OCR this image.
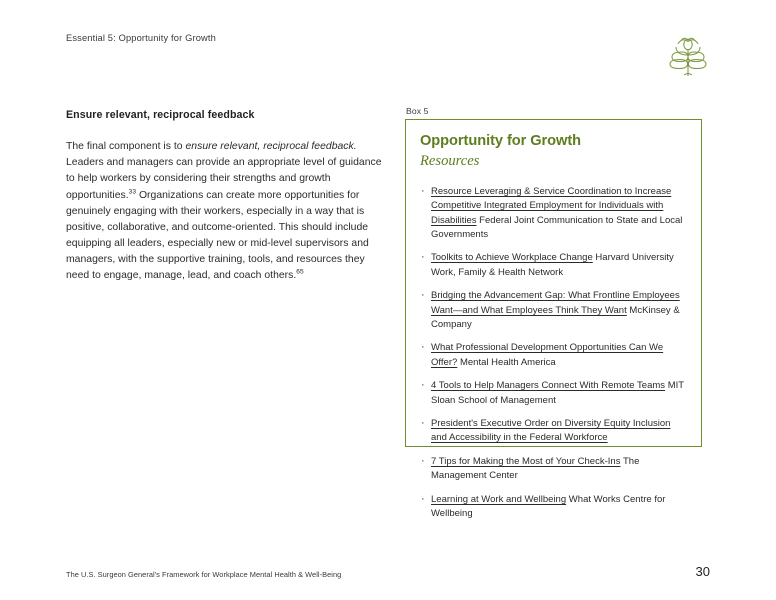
Essential 5: Opportunity for Growth
Ensure relevant, reciprocal feedback

The final component is to ensure relevant, reciprocal feedback. Leaders and managers can provide an appropriate level of guidance to help workers by considering their strengths and growth opportunities.$^{33}$ Organizations can create more opportunities for genuinely engaging with their workers, especially in a way that is positive, collaborative, and outcome-oriented. This should include equipping all leaders, especially new or mid-level supervisors and managers, with the supportive training, tools, and resources they need to engage, manage, lead, and coach others.$^{65}$

Box 5
Opportunity for Growth
Resources
· Resource Leveraging & Service Coordination to Increase Competitive Integrated Employment for Individuals with Disabilities Federal Joint Communication to State and Local Governments
· Toolkits to Achieve Workplace Change Harvard University Work, Family & Health Network
· Bridging the Advancement Gap: What Frontline Employees Want—and What Employees Think They Want McKinsey & Company
· What Professional Development Opportunities Can We Offer? Mental Health America
· 4 Tools to Help Managers Connect With Remote Teams MIT Sloan School of Management
· President's Executive Order on Diversity Equity Inclusion and Accessibility in the Federal Workforce
· 7 Tips for Making the Most of Your Check-Ins The Management Center
· Learning at Work and Wellbeing What Works Centre for Wellbeing
The U.S. Surgeon General's Framework for Workplace Mental Health & Well-Being	30
